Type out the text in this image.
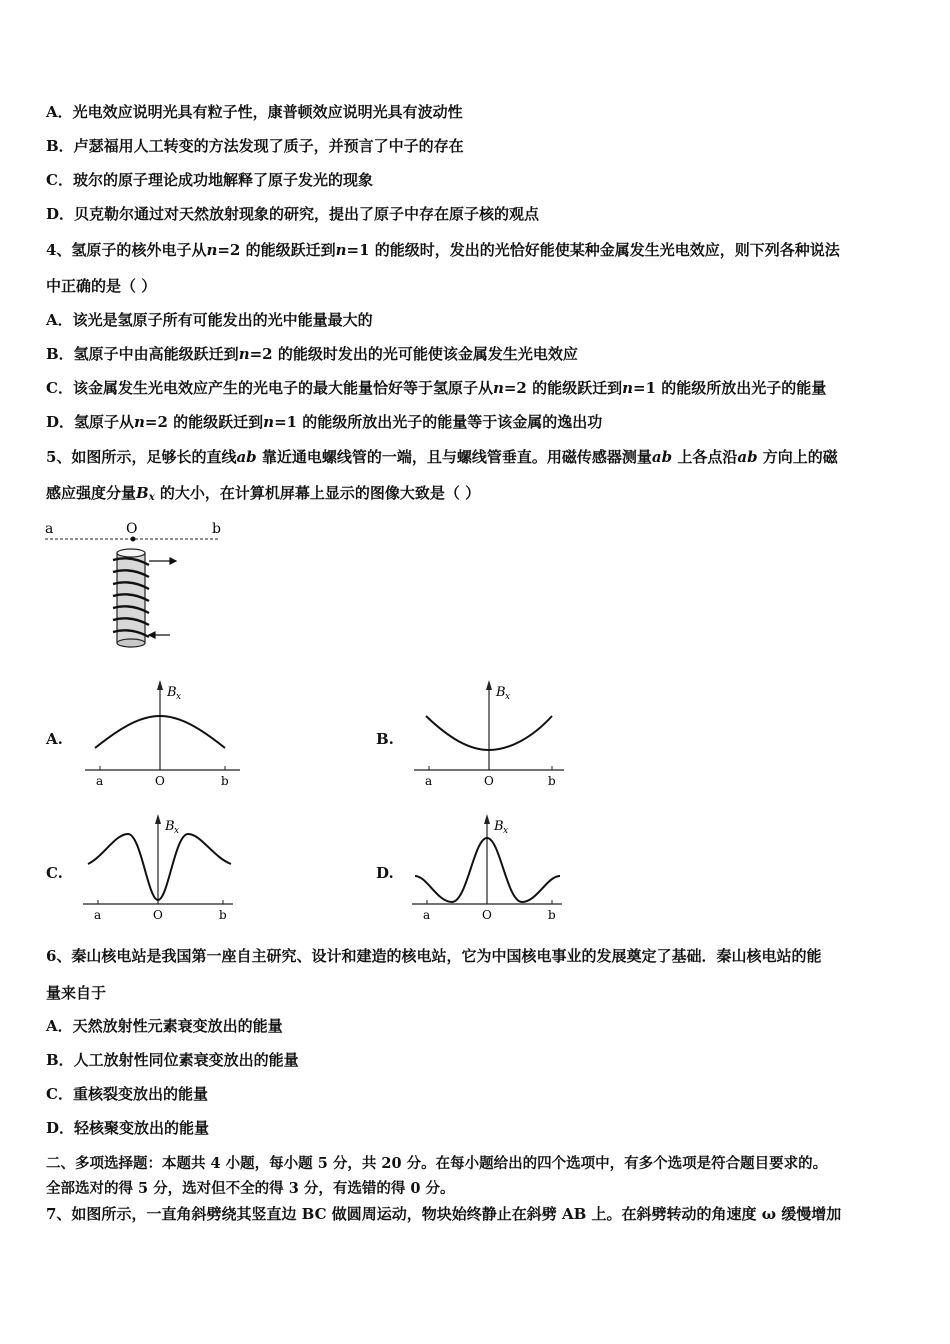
A．光电效应说明光具有粒子性，康普顿效应说明光具有波动性
B．卢瑟福用人工转变的方法发现了质子，并预言了中子的存在
C．玻尔的原子理论成功地解释了原子发光的现象
D．贝克勒尔通过对天然放射现象的研究，提出了原子中存在原子核的观点
4、氢原子的核外电子从n=2 的能级跃迁到n=1 的能级时，发出的光恰好能使某种金属发生光电效应，则下列各种说法
中正确的是（ ）
A．该光是氢原子所有可能发出的光中能量最大的
B．氢原子中由高能级跃迁到n=2 的能级时发出的光可能使该金属发生光电效应
C．该金属发生光电效应产生的光电子的最大能量恰好等于氢原子从n=2 的能级跃迁到n=1 的能级所放出光子的能量
D．氢原子从n=2 的能级跃迁到n=1 的能级所放出光子的能量等于该金属的逸出功
5、如图所示，足够长的直线ab 靠近通电螺线管的一端，且与螺线管垂直。用磁传感器测量ab 上各点沿ab 方向上的磁
感应强度分量Bx 的大小，在计算机屏幕上显示的图像大致是（ ）
a	O	b
A.
B x
a	O	b
B.
B x
a	O	b
C.
B x
a	O	b
D.
B x
a	O	b
6、秦山核电站是我国第一座自主研究、设计和建造的核电站，它为中国核电事业的发展奠定了基础．秦山核电站的能
量来自于
A．天然放射性元素衰变放出的能量
B．人工放射性同位素衰变放出的能量
C．重核裂变放出的能量
D．轻核聚变放出的能量
二、多项选择题：本题共 4 小题，每小题 5 分，共 20 分。在每小题给出的四个选项中，有多个选项是符合题目要求的。
全部选对的得 5 分，选对但不全的得 3 分，有选错的得 0 分。
7、如图所示，一直角斜劈绕其竖直边 BC 做圆周运动，物块始终静止在斜劈 AB 上。在斜劈转动的角速度 ω 缓慢增加
